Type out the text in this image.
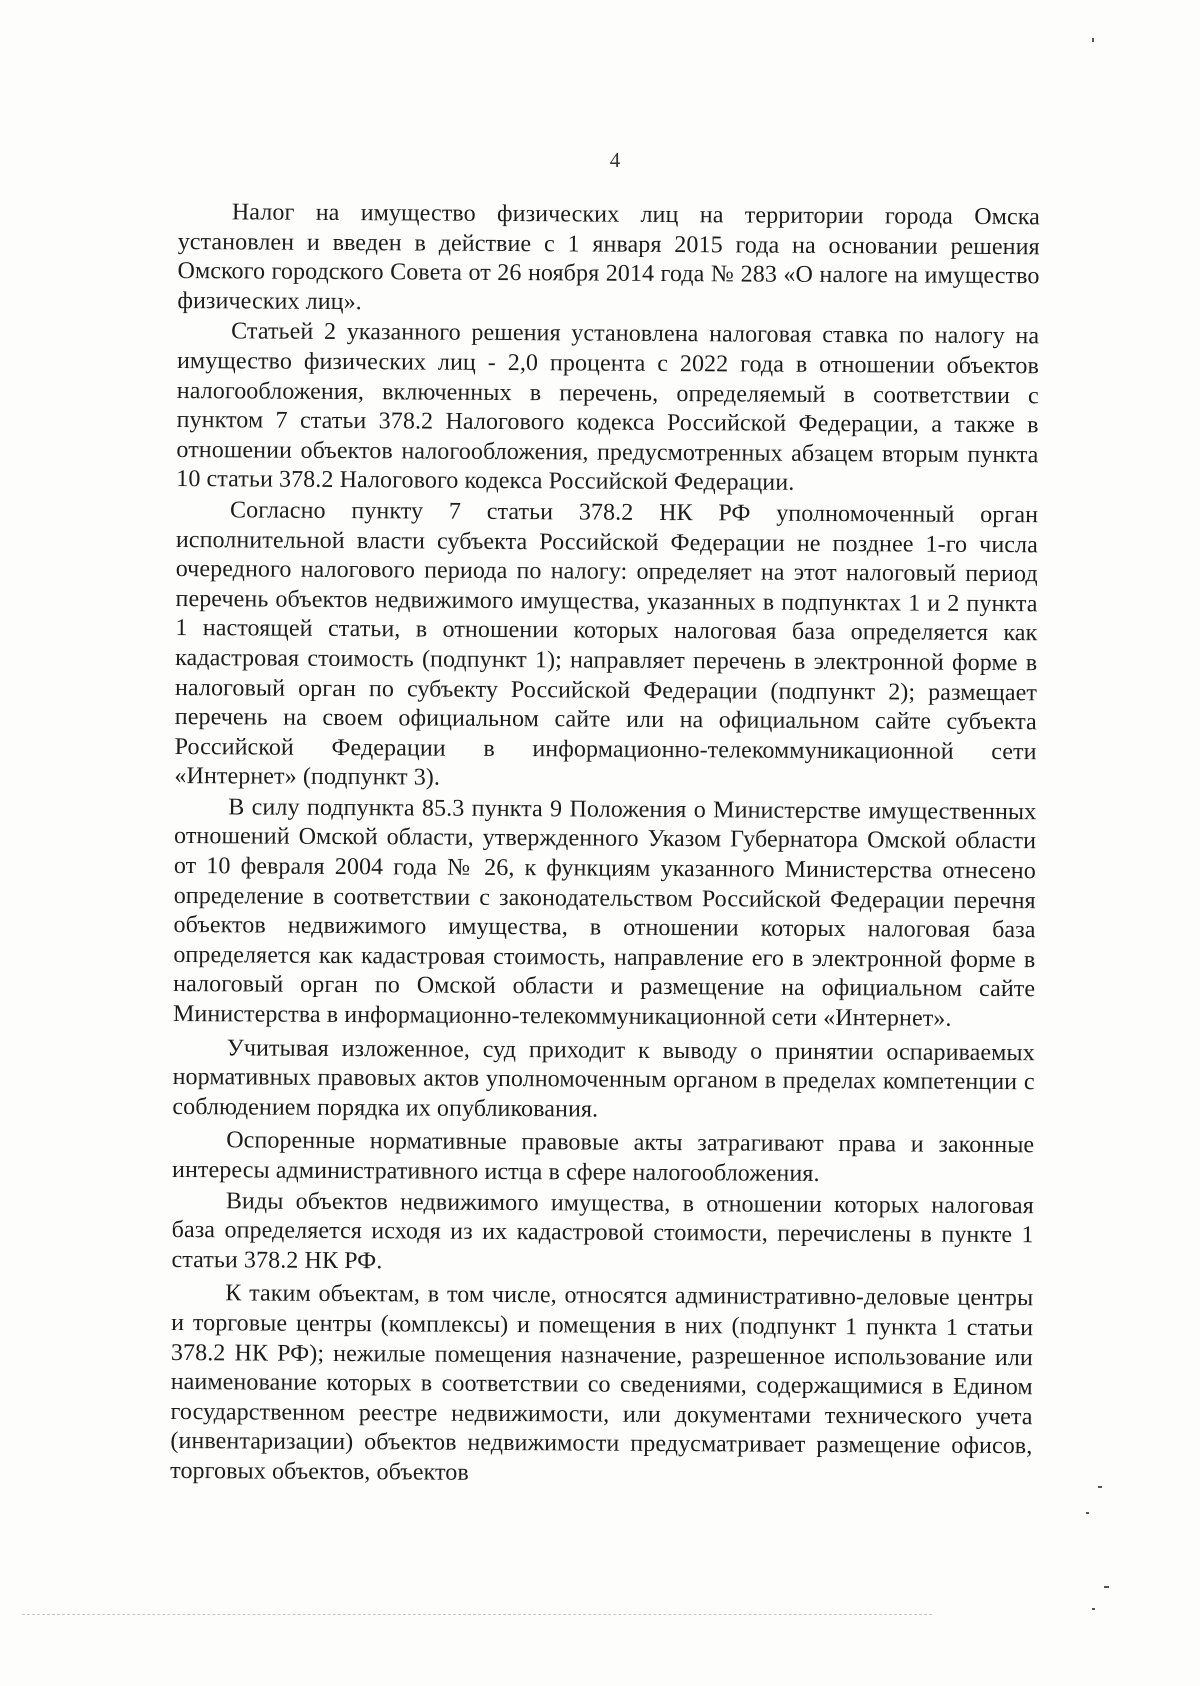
4

Налог на имущество физических лиц на территории города Омска установлен и введен в действие с 1 января 2015 года на основании решения Омского городского Совета от 26 ноября 2014 года № 283 «О налоге на имущество физических лиц».

Статьей 2 указанного решения установлена налоговая ставка по налогу на имущество физических лиц - 2,0 процента с 2022 года в отношении объектов налогообложения, включенных в перечень, определяемый в соответствии с пунктом 7 статьи 378.2 Налогового кодекса Российской Федерации, а также в отношении объектов налогообложения, предусмотренных абзацем вторым пункта 10 статьи 378.2 Налогового кодекса Российской Федерации.

Согласно пункту 7 статьи 378.2 НК РФ уполномоченный орган исполнительной власти субъекта Российской Федерации не позднее 1-го числа очередного налогового периода по налогу: определяет на этот налоговый период перечень объектов недвижимого имущества, указанных в подпунктах 1 и 2 пункта 1 настоящей статьи, в отношении которых налоговая база определяется как кадастровая стоимость (подпункт 1); направляет перечень в электронной форме в налоговый орган по субъекту Российской Федерации (подпункт 2); размещает перечень на своем официальном сайте или на официальном сайте субъекта Российской Федерации в информационно-телекоммуникационной сети «Интернет» (подпункт 3).

В силу подпункта 85.3 пункта 9 Положения о Министерстве имущественных отношений Омской области, утвержденного Указом Губернатора Омской области от 10 февраля 2004 года № 26, к функциям указанного Министерства отнесено определение в соответствии с законодательством Российской Федерации перечня объектов недвижимого имущества, в отношении которых налоговая база определяется как кадастровая стоимость, направление его в электронной форме в налоговый орган по Омской области и размещение на официальном сайте Министерства в информационно-телекоммуникационной сети «Интернет».

Учитывая изложенное, суд приходит к выводу о принятии оспариваемых нормативных правовых актов уполномоченным органом в пределах компетенции с соблюдением порядка их опубликования.

Оспоренные нормативные правовые акты затрагивают права и законные интересы административного истца в сфере налогообложения.

Виды объектов недвижимого имущества, в отношении которых налоговая база определяется исходя из их кадастровой стоимости, перечислены в пункте 1 статьи 378.2 НК РФ.

К таким объектам, в том числе, относятся административно-деловые центры и торговые центры (комплексы) и помещения в них (подпункт 1 пункта 1 статьи 378.2 НК РФ); нежилые помещения назначение, разрешенное использование или наименование которых в соответствии со сведениями, содержащимися в Едином государственном реестре недвижимости, или документами технического учета (инвентаризации) объектов недвижимости предусматривает размещение офисов, торговых объектов, объектов
